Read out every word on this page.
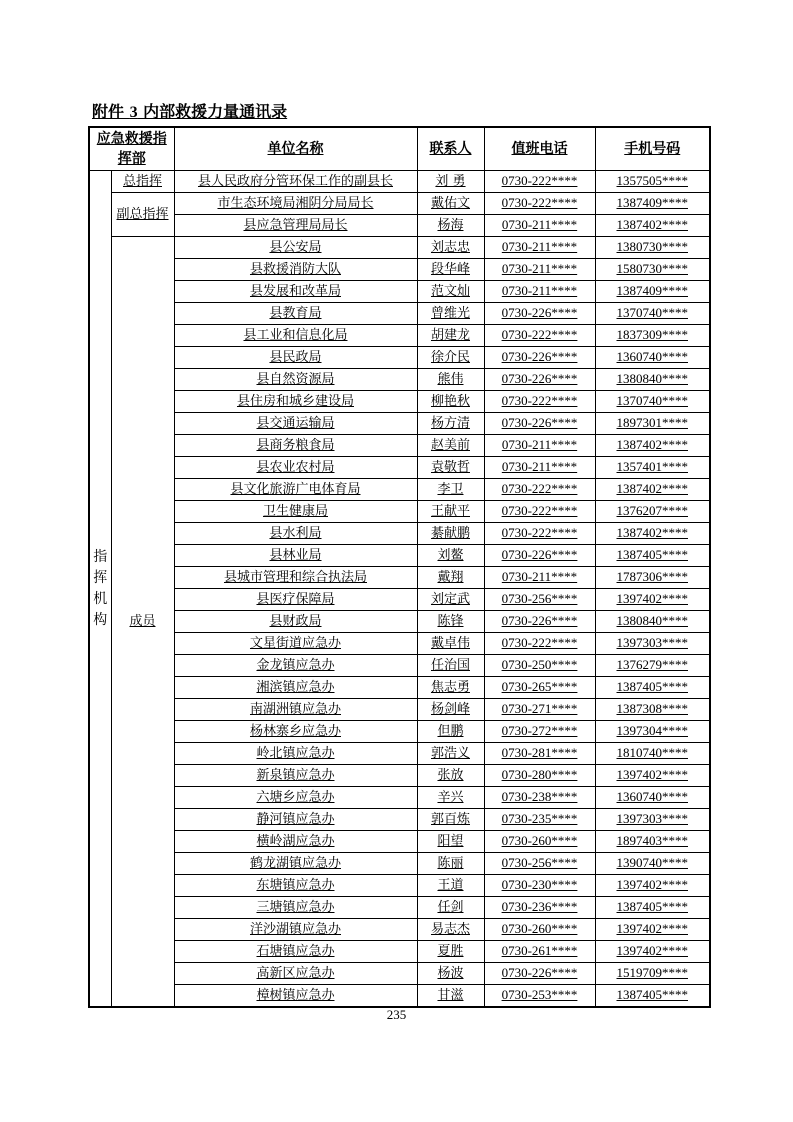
附件 3 内部救援力量通讯录
应急救援指挥部		单位名称	联系人	值班电话	手机号码

指挥机构	总指挥	县人民政府分管环保工作的副县长	刘 勇	0730-222****	1357505****
	副总指挥	市生态环境局湘阴分局局长	戴佑文	0730-222****	1387409****
		县应急管理局局长	杨海	0730-211****	1387402****
	成员	县公安局	刘志忠	0730-211****	1380730****
		县救援消防大队	段华峰	0730-211****	1580730****
		县发展和改革局	范文灿	0730-211****	1387409****
		县教育局	曾维光	0730-226****	1370740****
		县工业和信息化局	胡建龙	0730-222****	1837309****
		县民政局	徐介民	0730-226****	1360740****
		县自然资源局	熊伟	0730-226****	1380840****
		县住房和城乡建设局	柳艳秋	0730-222****	1370740****
		县交通运输局	杨方清	0730-226****	1897301****
		县商务粮食局	赵美前	0730-211****	1387402****
		县农业农村局	袁敬哲	0730-211****	1357401****
		县文化旅游广电体育局	李卫	0730-222****	1387402****
		卫生健康局	王献平	0730-222****	1376207****
		县水利局	綦献鹏	0730-222****	1387402****
		县林业局	刘鳌	0730-226****	1387405****
		县城市管理和综合执法局	戴翔	0730-211****	1787306****
		县医疗保障局	刘定武	0730-256****	1397402****
		县财政局	陈锋	0730-226****	1380840****
		文星街道应急办	戴卓伟	0730-222****	1397303****
		金龙镇应急办	任治国	0730-250****	1376279****
		湘滨镇应急办	焦志勇	0730-265****	1387405****
		南湖洲镇应急办	杨剑峰	0730-271****	1387308****
		杨林寨乡应急办	但鹏	0730-272****	1397304****
		岭北镇应急办	郭浩义	0730-281****	1810740****
		新泉镇应急办	张放	0730-280****	1397402****
		六塘乡应急办	辛兴	0730-238****	1360740****
		静河镇应急办	郭百炼	0730-235****	1397303****
		横岭湖应急办	阳望	0730-260****	1897403****
		鹤龙湖镇应急办	陈丽	0730-256****	1390740****
		东塘镇应急办	王道	0730-230****	1397402****
		三塘镇应急办	任剑	0730-236****	1387405****
		洋沙湖镇应急办	易志杰	0730-260****	1397402****
		石塘镇应急办	夏胜	0730-261****	1397402****
		高新区应急办	杨波	0730-226****	1519709****
		樟树镇应急办	甘滋	0730-253****	1387405****
235
